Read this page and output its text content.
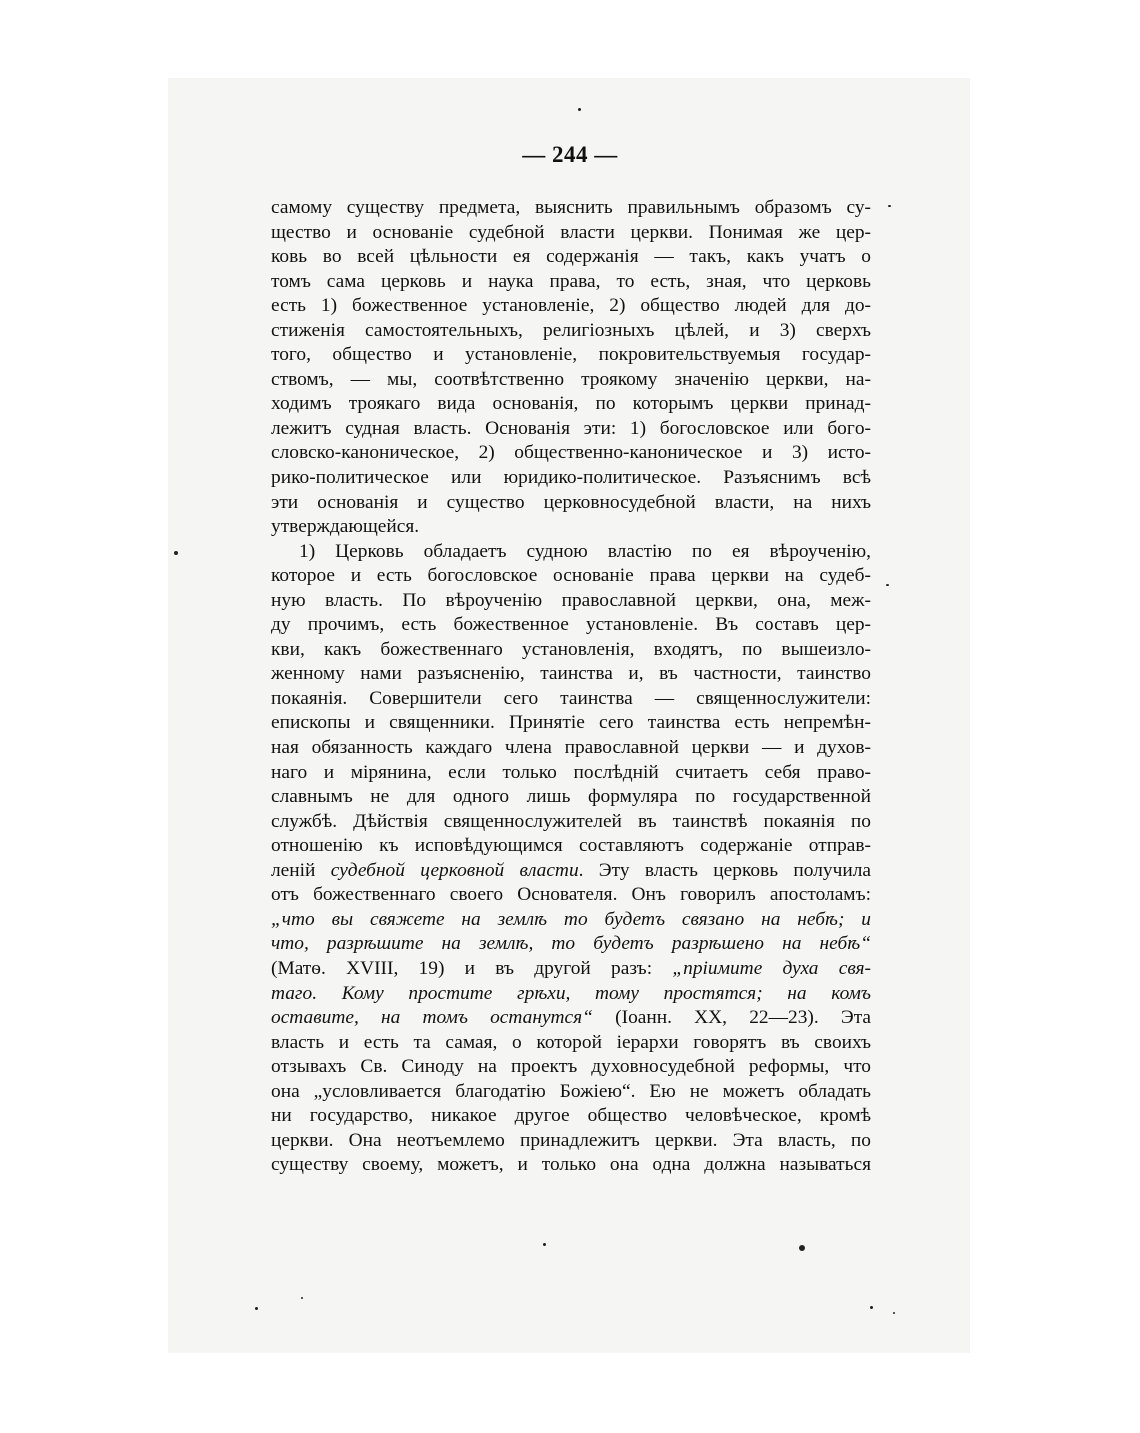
— 244 —
самому существу предмета, выяснить правильнымъ образомъ су-
щество и основаніе судебной власти церкви. Понимая же цер-
ковь во всей цѣльности ея содержанія — такъ, какъ учатъ о
томъ сама церковь и наука права, то есть, зная, что церковь
есть 1) божественное установленіе, 2) общество людей для до-
стиженія самостоятельныхъ, религіозныхъ цѣлей, и 3) сверхъ
того, общество и установленіе, покровительствуемыя государ-
ствомъ, — мы, соотвѣтственно троякому значенію церкви, на-
ходимъ троякаго вида основанія, по которымъ церкви принад-
лежитъ судная власть. Основанія эти: 1) богословское или богo-
словско-каноническое, 2) общественно-каноническое и 3) исто-
рико-политическое или юридико-политическое. Разъяснимъ всѣ
эти основанія и существо церковносудебной власти, на нихъ
утверждающейся.
1) Церковь обладаетъ судною властію по ея вѣроученію,
которое и есть богословское основаніе права церкви на судеб-
ную власть. По вѣроученію православной церкви, она, меж-
ду прочимъ, есть божественное установленіе. Въ составъ цер-
кви, какъ божественнаго установленія, входятъ, по вышеизло-
женному нами разъясненію, таинства и, въ частности, таинство
покаянія. Совершители сего таинства — священнослужители:
епископы и священники. Принятіе сего таинства есть непремѣн-
ная обязанность каждаго члена православной церкви — и духов-
наго и мірянина, если только послѣдній считаетъ себя право-
славнымъ не для одного лишь формуляра по государственной
службѣ. Дѣйствія священнослужителей въ таинствѣ покаянія по
отношенію къ исповѣдующимся составляютъ содержаніе отправ-
леній судебной церковной власти. Эту власть церковь получила
отъ божественнаго своего Основателя. Онъ говорилъ апостоламъ:
„что вы свяжете на землѣ то будетъ связано на небѣ; и
что, разрѣшите на землѣ, то будетъ разрѣшено на небѣ“
(Матѳ. XVIII, 19) и въ другой разъ: „пріимите духа свя-
таго. Кому простите грѣхи, тому простятся; на комъ
оставите, на томъ останутся“ (Іоанн. XX, 22—23). Эта
власть и есть та самая, о которой іерархи говорятъ въ своихъ
отзывахъ Св. Синоду на проектъ духовносудебной реформы, что
она „условливается благодатію Божіею“. Ею не можетъ обладать
ни государство, никакое другое общество человѣческое, кромѣ
церкви. Она неотъемлемо принадлежитъ церкви. Эта власть, по
существу своему, можетъ, и только она одна должна называться
